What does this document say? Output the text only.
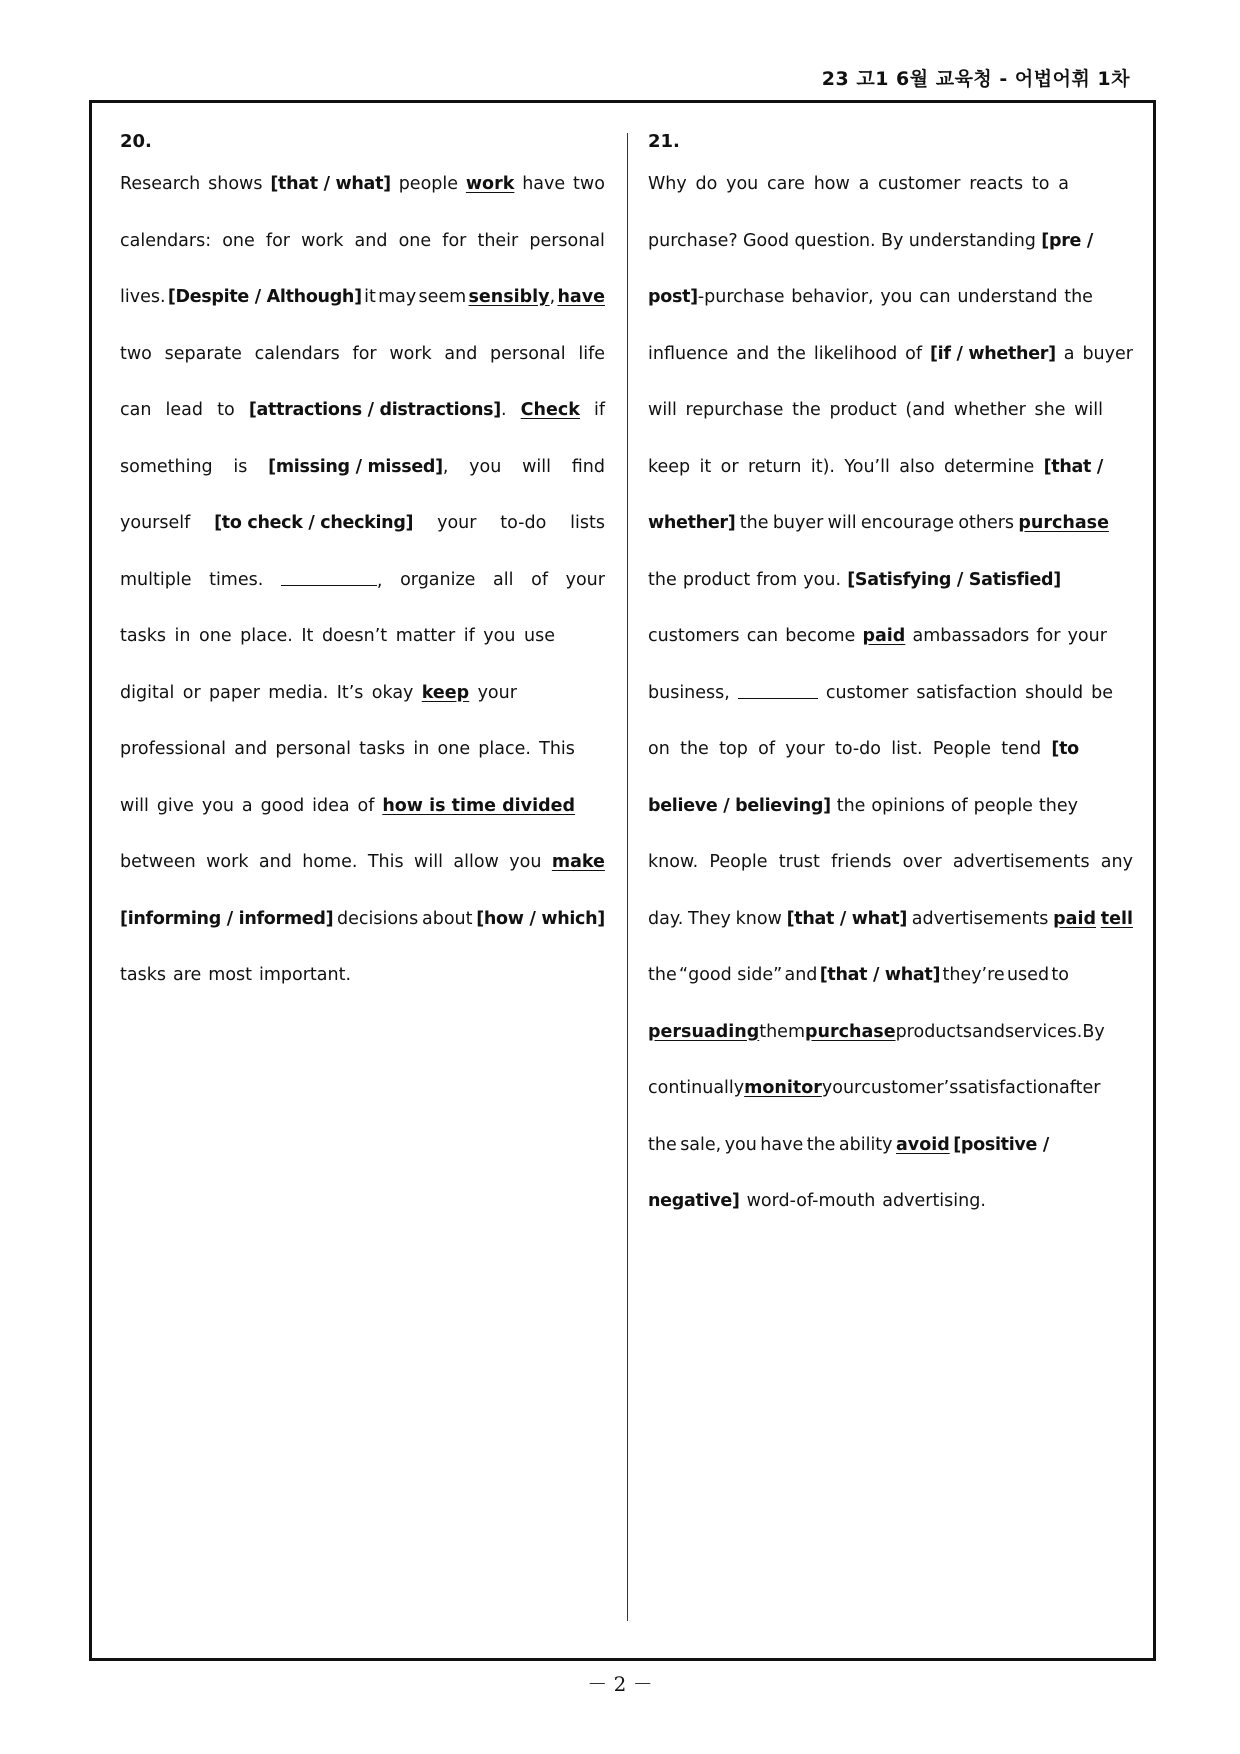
23 고1 6월 교육청 - 어법어휘 1차
20.
Research shows [that / what] people work have two
calendars: one for work and one for their personal
lives. [Despite / Although] it may seem sensibly, have
two separate calendars for work and personal life
can lead to [attractions / distractions]. Check if
something is [missing / missed], you will find
yourself [to check / checking] your to-do lists
multiple times.	, organize all of your
tasks in one place. It doesn’t matter if you use
digital or paper media. It’s okay keep your
professional and personal tasks in one place. This
will give you a good idea of how is time divided
between work and home. This will allow you make
[informing / informed] decisions about [how / which]
tasks are most important.
21.
Why do you care how a customer reacts to a
purchase? Good question. By understanding [pre /
post]-purchase behavior, you can understand the
influence and the likelihood of [if / whether] a buyer
will repurchase the product (and whether she will
keep it or return it). You’ll also determine [that /
whether] the buyer will encourage others purchase
the product from you. [Satisfying / Satisfied]
customers can become paid ambassadors for your
business,	customer satisfaction should be
on the top of your to-do list. People tend [to
believe / believing] the opinions of people they
know. People trust friends over advertisements any
day. They know [that / what] advertisements paid tell
the “good side” and [that / what] they’re used to
persuading them purchase products and services. By
continually monitor your customer’s satisfaction after
the sale, you have the ability avoid [positive /
negative] word-of-mouth advertising.
－ 2 －
